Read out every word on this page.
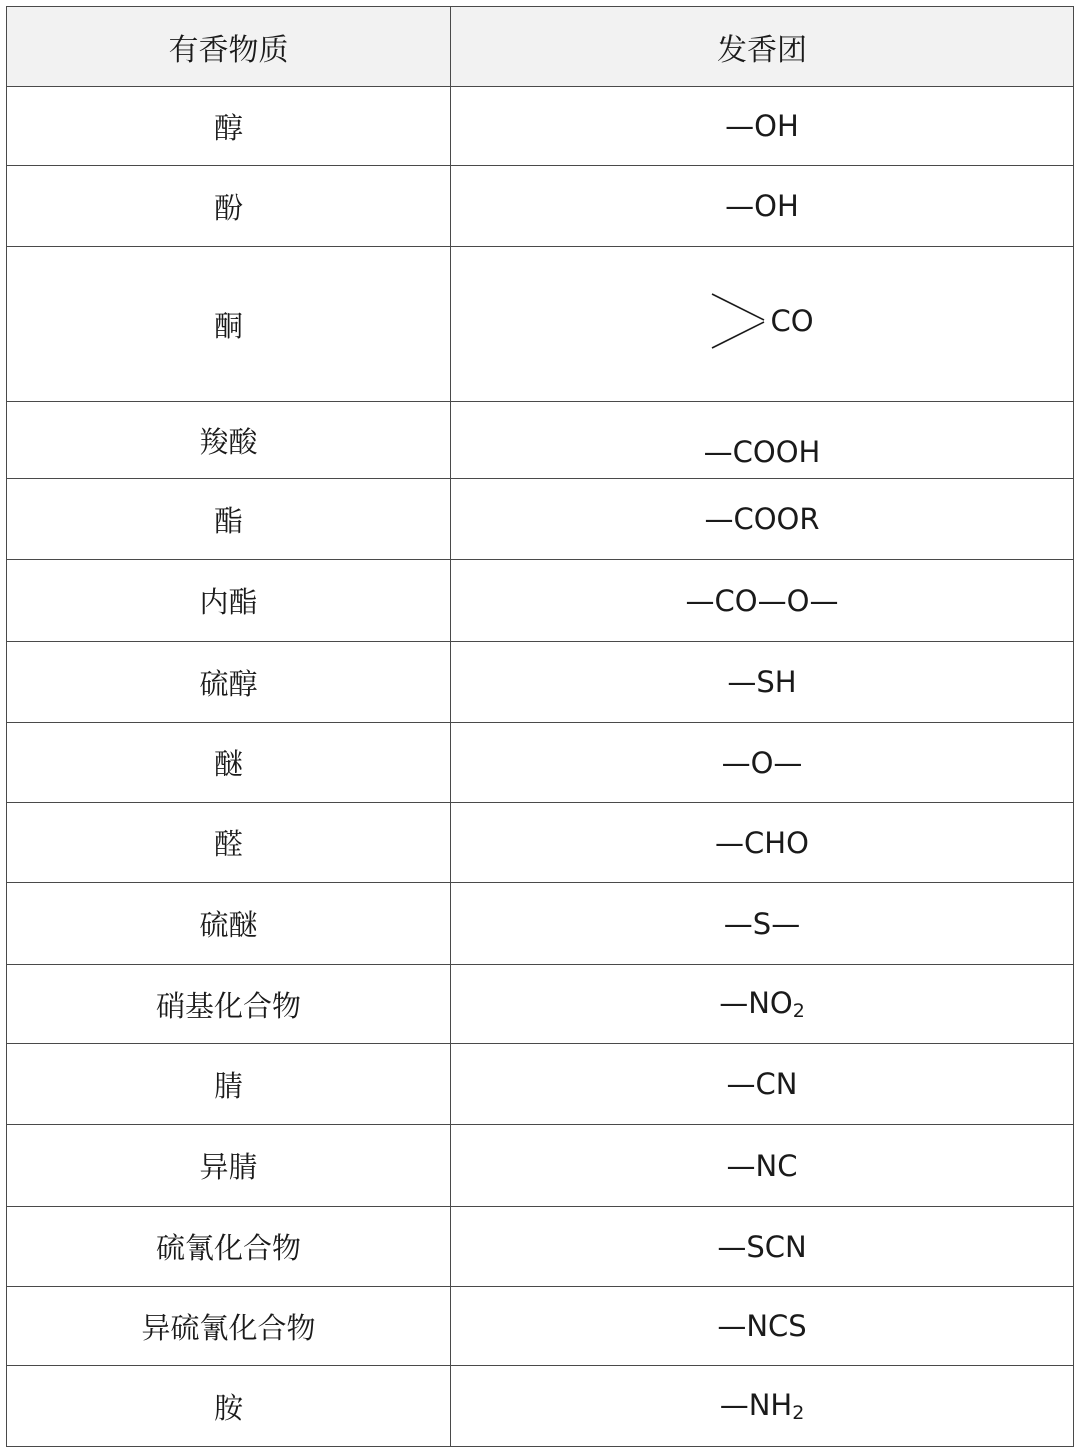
有香物质	发香团
醇	—OH
酚	—OH
酮	CO

羧酸	—COOH
酯	—COOR
内酯	—CO—O—
硫醇	—SH
醚	—O—
醛	—CHO
硫醚	—S—
硝基化合物	$—NO_2$
腈	—CN
异腈	—NC
硫氰化合物	—SCN
异硫氰化合物	—NCS
胺	$—NH_2$
